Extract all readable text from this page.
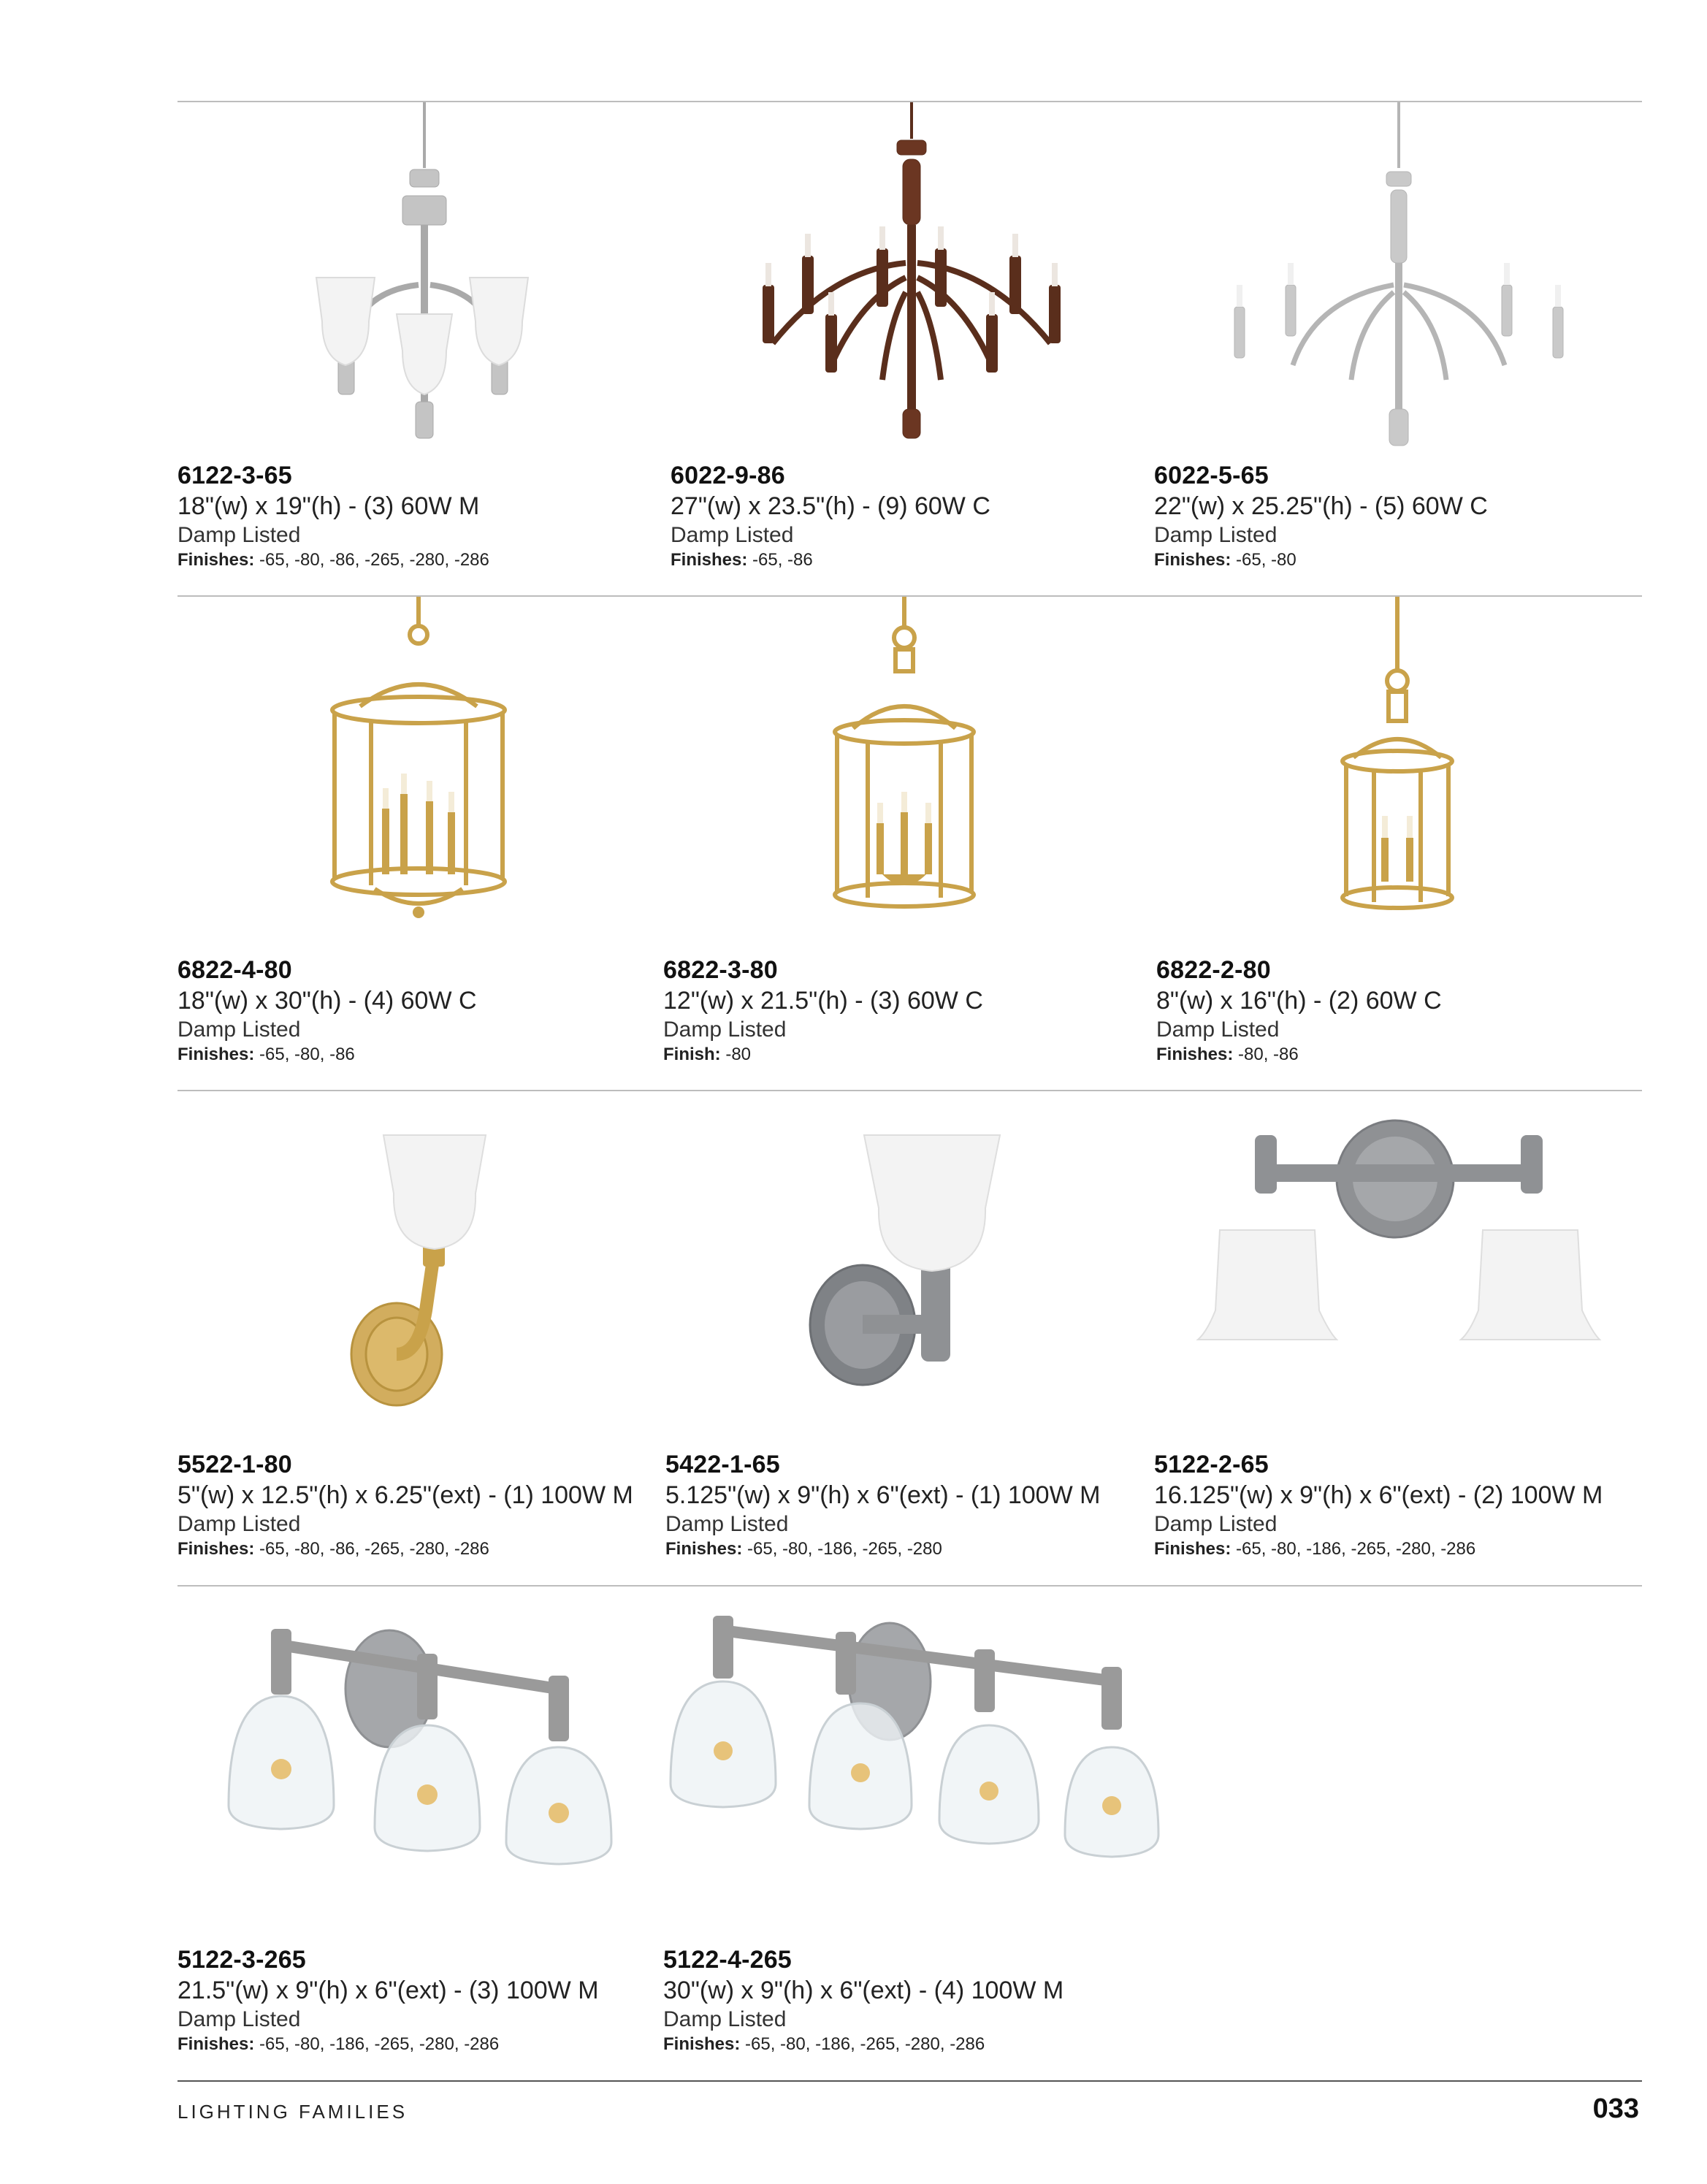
6122-3-65
18"(w) x 19"(h) - (3) 60W M
Damp Listed
Finishes: -65, -80, -86, -265, -280, -286
6022-9-86
27"(w) x 23.5"(h) - (9) 60W C
Damp Listed
Finishes: -65, -86
6022-5-65
22"(w) x 25.25"(h) - (5) 60W C
Damp Listed
Finishes: -65, -80
6822-4-80
18"(w) x 30"(h) - (4) 60W C
Damp Listed
Finishes: -65, -80, -86
6822-3-80
12"(w) x 21.5"(h) - (3) 60W C
Damp Listed
Finish: -80
6822-2-80
8"(w) x 16"(h) - (2) 60W C
Damp Listed
Finishes: -80, -86
5522-1-80
5"(w) x 12.5"(h) x 6.25"(ext) - (1) 100W M
Damp Listed
Finishes: -65, -80, -86, -265, -280, -286
5422-1-65
5.125"(w) x 9"(h) x 6"(ext) - (1) 100W M
Damp Listed
Finishes: -65, -80, -186, -265, -280
5122-2-65
16.125"(w) x 9"(h) x 6"(ext) - (2) 100W M
Damp Listed
Finishes: -65, -80, -186, -265, -280, -286
5122-3-265
21.5"(w) x 9"(h) x 6"(ext) - (3) 100W M
Damp Listed
Finishes: -65, -80, -186, -265, -280, -286
5122-4-265
30"(w) x 9"(h) x 6"(ext) - (4) 100W M
Damp Listed
Finishes: -65, -80, -186, -265, -280, -286
LIGHTING FAMILIES	033
